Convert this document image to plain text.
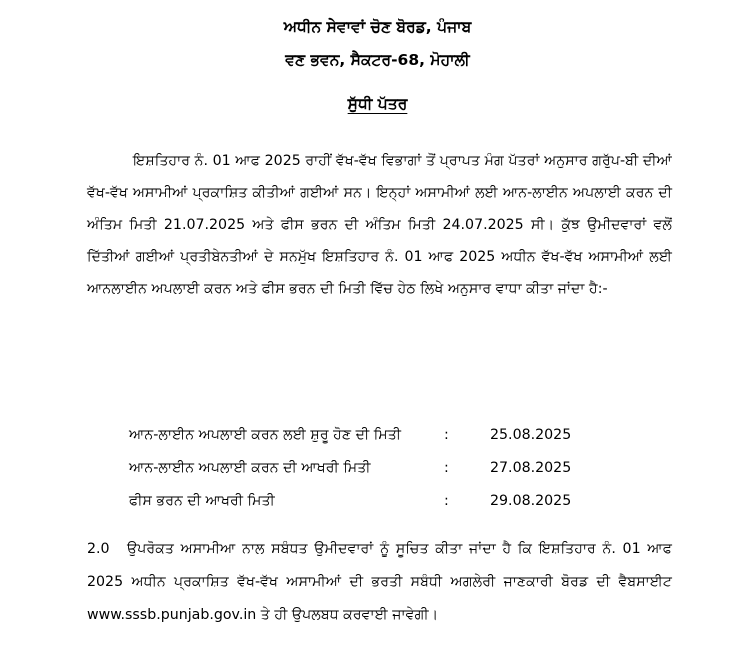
ਅਧੀਨ ਸੇਵਾਵਾਂ ਚੋਣ ਬੋਰਡ, ਪੰਜਾਬ
ਵਣ ਭਵਨ, ਸੈਕਟਰ-68, ਮੋਹਾਲੀ
ਸੁੱਧੀ ਪੱਤਰ

ਇਸ਼ਤਿਹਾਰ ਨੰ. 01 ਆਫ 2025 ਰਾਹੀਂ ਵੱਖ-ਵੱਖ ਵਿਭਾਗਾਂ ਤੋਂ ਪ੍ਰਾਪਤ ਮੰਗ ਪੱਤਰਾਂ ਅਨੁਸਾਰ ਗਰੁੱਪ-ਬੀ ਦੀਆਂ ਵੱਖ-ਵੱਖ ਅਸਾਮੀਆਂ ਪ੍ਰਕਾਸ਼ਿਤ ਕੀਤੀਆਂ ਗਈਆਂ ਸਨ। ਇਨ੍ਹਾਂ ਅਸਾਮੀਆਂ ਲਈ ਆਨ-ਲਾਈਨ ਅਪਲਾਈ ਕਰਨ ਦੀ ਅੰਤਿਮ ਮਿਤੀ 21.07.2025 ਅਤੇ ਫੀਸ ਭਰਨ ਦੀ ਅੰਤਿਮ ਮਿਤੀ 24.07.2025 ਸੀ। ਕੁੱਝ ਉਮੀਦਵਾਰਾਂ ਵਲੋਂ ਦਿੱਤੀਆਂ ਗਈਆਂ ਪ੍ਰਤੀਬੇਨਤੀਆਂ ਦੇ ਸਨਮੁੱਖ ਇਸ਼ਤਿਹਾਰ ਨੰ. 01 ਆਫ 2025 ਅਧੀਨ ਵੱਖ-ਵੱਖ ਅਸਾਮੀਆਂ ਲਈ ਆਨਲਾਈਨ ਅਪਲਾਈ ਕਰਨ ਅਤੇ ਫੀਸ ਭਰਨ ਦੀ ਮਿਤੀ ਵਿੱਚ ਹੇਠ ਲਿਖੇ ਅਨੁਸਾਰ ਵਾਧਾ ਕੀਤਾ ਜਾਂਦਾ ਹੈ:-

ਆਨ-ਲਾਈਨ ਅਪਲਾਈ ਕਰਨ ਲਈ ਸ਼ੁਰੂ ਹੋਣ ਦੀ ਮਿਤੀ	:	25.08.2025
ਆਨ-ਲਾਈਨ ਅਪਲਾਈ ਕਰਨ ਦੀ ਆਖਰੀ ਮਿਤੀ	:	27.08.2025
ਫੀਸ ਭਰਨ ਦੀ ਆਖਰੀ ਮਿਤੀ	:	29.08.2025

2.0 ਉਪਰੋਕਤ ਅਸਾਮੀਆ ਨਾਲ ਸਬੰਧਤ ਉਮੀਦਵਾਰਾਂ ਨੂੰ ਸੂਚਿਤ ਕੀਤਾ ਜਾਂਦਾ ਹੈ ਕਿ ਇਸ਼ਤਿਹਾਰ ਨੰ. 01 ਆਫ 2025 ਅਧੀਨ ਪ੍ਰਕਾਸ਼ਿਤ ਵੱਖ-ਵੱਖ ਅਸਾਮੀਆਂ ਦੀ ਭਰਤੀ ਸਬੰਧੀ ਅਗਲੇਰੀ ਜਾਣਕਾਰੀ ਬੋਰਡ ਦੀ ਵੈਬਸਾਈਟ www.sssb.punjab.gov.in ਤੇ ਹੀ ਉਪਲਬਧ ਕਰਵਾਈ ਜਾਵੇਗੀ।
